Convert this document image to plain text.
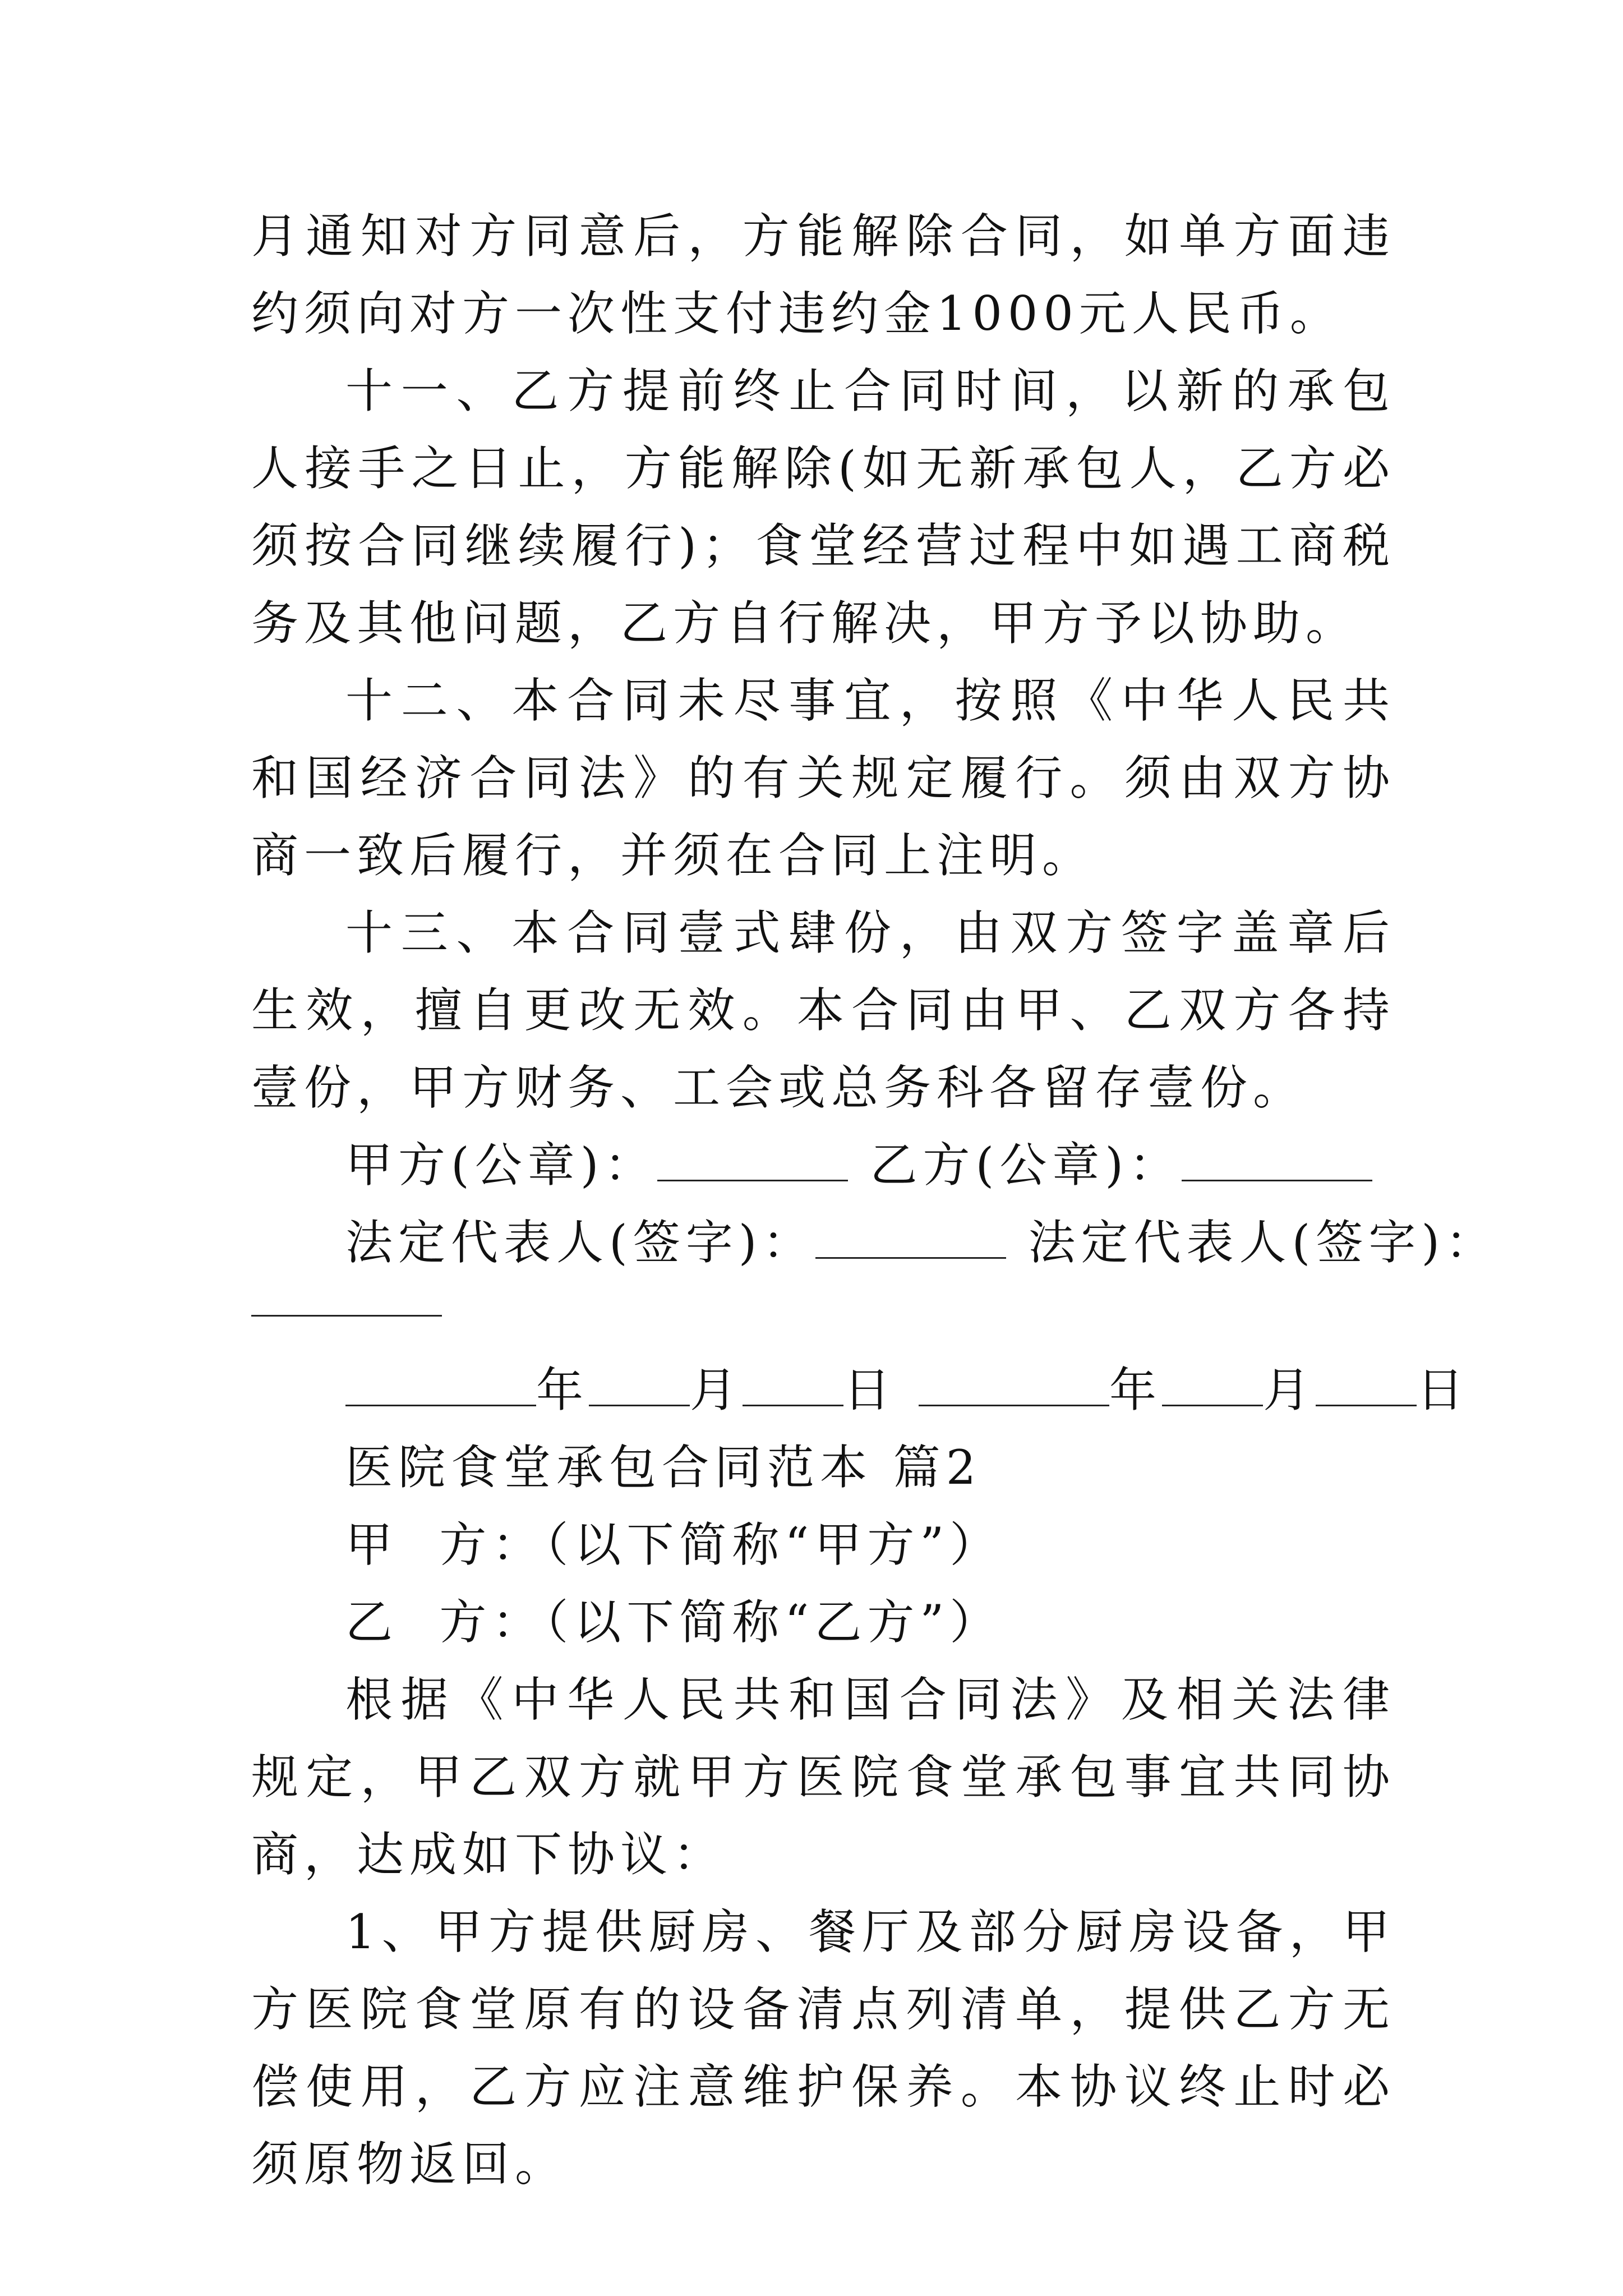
月通知对方同意后，方能解除合同，如单方面违约须向对方一次性支付违约金1000元人民币。

十一、乙方提前终止合同时间，以新的承包人接手之日止，方能解除(如无新承包人，乙方必须按合同继续履行)；食堂经营过程中如遇工商税务及其他问题，乙方自行解决，甲方予以协助。

十二、本合同未尽事宜，按照《中华人民共和国经济合同法》的有关规定履行。须由双方协商一致后履行，并须在合同上注明。

十三、本合同壹式肆份，由双方签字盖章后生效，擅自更改无效。本合同由甲、乙双方各持壹份，甲方财务、工会或总务科各留存壹份。

甲方(公章)：	乙方(公章)：
法定代表人(签字)：	法定代表人(签字)：
年 月 日	年 月 日
医院食堂承包合同范本 篇2
甲  方：（以下简称“甲方”）
乙  方：（以下简称“乙方”）

根据《中华人民共和国合同法》及相关法律规定，甲乙双方就甲方医院食堂承包事宜共同协商，达成如下协议：

1、甲方提供厨房、餐厅及部分厨房设备，甲方医院食堂原有的设备清点列清单，提供乙方无偿使用，乙方应注意维护保养。本协议终止时必须原物返回。
